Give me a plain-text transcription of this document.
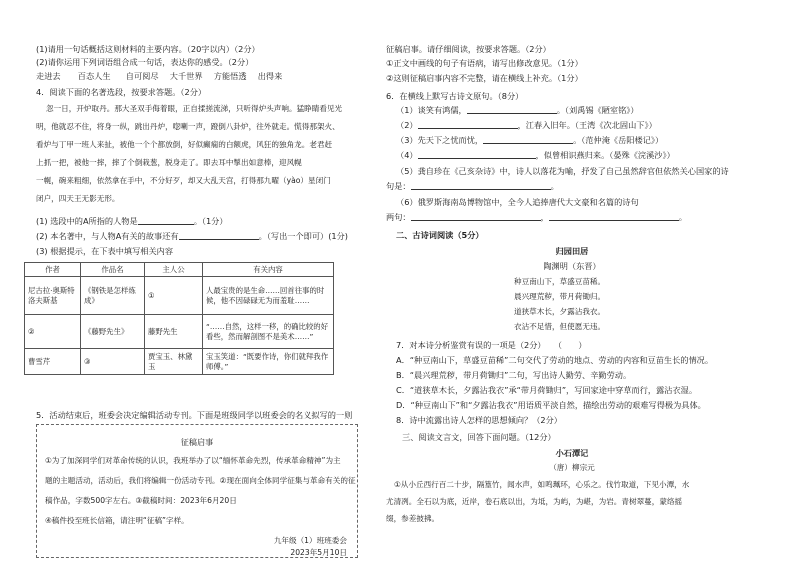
(1)请用一句话概括这则材料的主要内容。（20字以内）（2分）
(2)请你运用下列词语组合成一句话，表达你的感受。（2分）
走进去 百态人生 自可阅尽 大千世界 方能悟透 出得来
4．阅读下面的名著选段，按要求答题。（2分）
忽一日，开炉取丹。那大圣双手侮着眼，正自揉搓流涕，只听得炉头声响。猛睁睛看见光
明，他就忍不住，将身一纵，跳出丹炉，唿喇一声，蹬倒八卦炉，往外就走。慌得那架火、
看炉与丁甲一班人来扯，被他一个个都放倒，好似癫痫的白额虎，风狂的独角龙。老君赶
上抓一把，被他一摔，摔了个倒栽葱，脱身走了。即去耳中掣出如意棒，迎风幌
一幌，碗来粗细，依然拿在手中，不分好歹，却又大乱天宫，打得那九曜（yào）星闭门
闭户，四天王无影无形。
(1) 选段中的A所指的人物是	。（1分）
(2) 本名著中，与人物A有关的故事还有	。（写出一个即可）(1分)
(3) 根据提示，在下表中填写相关内容
作者	作品名	主人公	有关内容
尼古拉·奥斯特洛夫斯基	《钢铁是怎样炼成》	①	人最宝贵的是生命……回首往事的时候，他不因碌碌无为而羞耻……
②	《藤野先生》	藤野先生	“……自然，这样一移，的确比较的好看些，然而解剖图不是美术……”
曹雪芹	③	贾宝玉、林黛玉	宝玉笑道：“既要作诗，你们就拜我作师傅。”
5．活动结束后，班委会决定编辑活动专刊。下面是班级同学以班委会的名义拟写的一则
征稿启事
①为了加深同学们对革命传统的认识，我班举办了以“缅怀革命先烈，传承革命精神”为主
题的主题活动，活动后，我们将编辑一份活动专刊。②现在面向全体同学征集与革命有关的征
稿作品，字数500字左右。③截稿时间：2023年6月20日
④稿件投至班长信箱，请注明“征稿”字样。
九年级（1）班班委会
2023年5月10日
征稿启事。请仔细阅读，按要求答题。（2分）
①正文中画线的句子有语病，请写出修改意见。（1分）
②这则征稿启事内容不完整，请在横线上补充。（1分）
6．在横线上默写古诗文原句。（8分）
（1）谈笑有鸿儒，	。（刘禹锡《陋室铭》）
（2）	，江春入旧年。（王湾《次北固山下》）
（3）先天下之忧而忧，	。（范仲淹《岳阳楼记》）
（4）	，似曾相识燕归来。（晏殊《浣溪沙》）
（5）龚自珍在《己亥杂诗》中，诗人以落花为喻，抒发了自己虽然辞官但依然关心国家的诗
句是：	。
（6）俄罗斯海南岛博物馆中，全今人追捧唐代大文豪和名篇的诗句
两句：	，	。
二、古诗词阅读（5分）
归园田居
陶渊明（东晋）
种豆南山下，草盛豆苗稀。
晨兴理荒秽，带月荷锄归。
道狭草木长，夕露沾我衣。
衣沾不足惜，但使愿无违。
7．对本诗分析鉴赏有误的一项是（2分）　　（　　）
A．“种豆南山下，草盛豆苗稀”二句交代了劳动的地点、劳动的内容和豆苗生长的情况。
B．“晨兴理荒秽，带月荷锄归”二句，写出诗人勤劳、辛勤劳动。
C．“道狭草木长，夕露沾我衣”承“带月荷锄归”，写回家途中穿草而行，露沾衣湿。
D．“种豆南山下”和“夕露沾我衣”用语质平淡自然，描绘出劳动的艰难写得极为具体。
8．诗中流露出诗人怎样的思想倾向？（2分）
三、阅读文言文，回答下面问题。（12分）
小石潭记
（唐）柳宗元
①从小丘西行百二十步，隔篁竹，闻水声，如鸣珮环，心乐之。伐竹取道，下见小潭，水
尤清冽。全石以为底，近岸，卷石底以出，为坻，为屿，为嵁，为岩。青树翠蔓，蒙络摇
缀，参差披拂。
